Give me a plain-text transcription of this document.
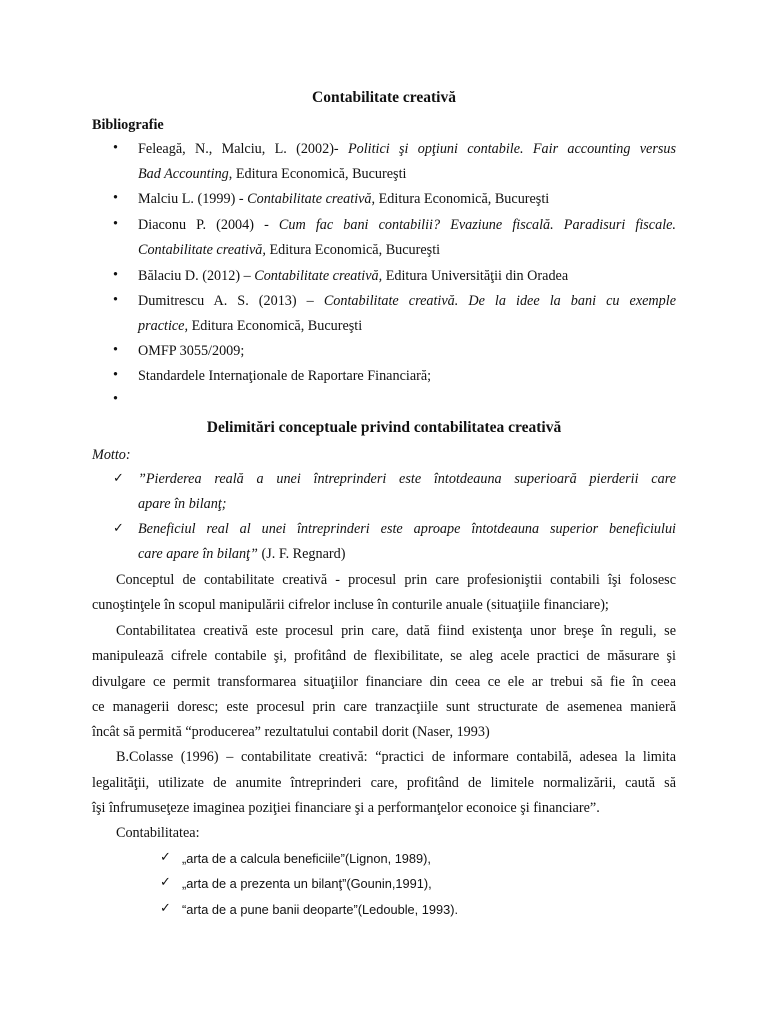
Contabilitate creativă
Bibliografie
• Feleagă, N., Malciu, L. (2002)- Politici şi opţiuni contabile. Fair accounting versus
Bad Accounting, Editura Economică, Bucureşti
• Malciu L. (1999) - Contabilitate creativă, Editura Economică, Bucureşti
• Diaconu P. (2004) - Cum fac bani contabilii? Evaziune fiscală. Paradisuri fiscale.
Contabilitate creativă, Editura Economică, Bucureşti
• Bălaciu D. (2012) – Contabilitate creativă, Editura Universităţii din Oradea
• Dumitrescu A. S. (2013) – Contabilitate creativă. De la idee la bani cu exemple
practice, Editura Economică, Bucureşti
• OMFP 3055/2009;
• Standardele Internaţionale de Raportare Financiară;
•
Delimitări conceptuale privind contabilitatea creativă
Motto:
✓ ”Pierderea reală a unei întreprinderi este întotdeauna superioară pierderii care
apare în bilanţ;
✓ Beneficiul real al unei întreprinderi este aproape întotdeauna superior beneficiului
care apare în bilanţ” (J. F. Regnard)
Conceptul de contabilitate creativă - procesul prin care profesioniştii contabili îşi folosesc
cunoştinţele în scopul manipulării cifrelor incluse în conturile anuale (situaţiile financiare);
Contabilitatea creativă este procesul prin care, dată fiind existenţa unor breşe în reguli, se
manipulează cifrele contabile şi, profitând de flexibilitate, se aleg acele practici de măsurare şi
divulgare ce permit transformarea situaţiilor financiare din ceea ce ele ar trebui să fie în ceea
ce managerii doresc; este procesul prin care tranzacţiile sunt structurate de asemenea manieră
încât să permită “producerea” rezultatului contabil dorit (Naser, 1993)
B.Colasse (1996) – contabilitate creativă: “practici de informare contabilă, adesea la limita
legalităţii, utilizate de anumite întreprinderi care, profitând de limitele normalizării, caută să
îşi înfrumuseţeze imaginea poziţiei financiare şi a performanţelor econoice şi financiare”.
Contabilitatea:
✓ „arta de a calcula beneficiile”(Lignon, 1989),
✓ „arta de a prezenta un bilanţ”(Gounin,1991),
✓ “arta de a pune banii deoparte”(Ledouble, 1993).
